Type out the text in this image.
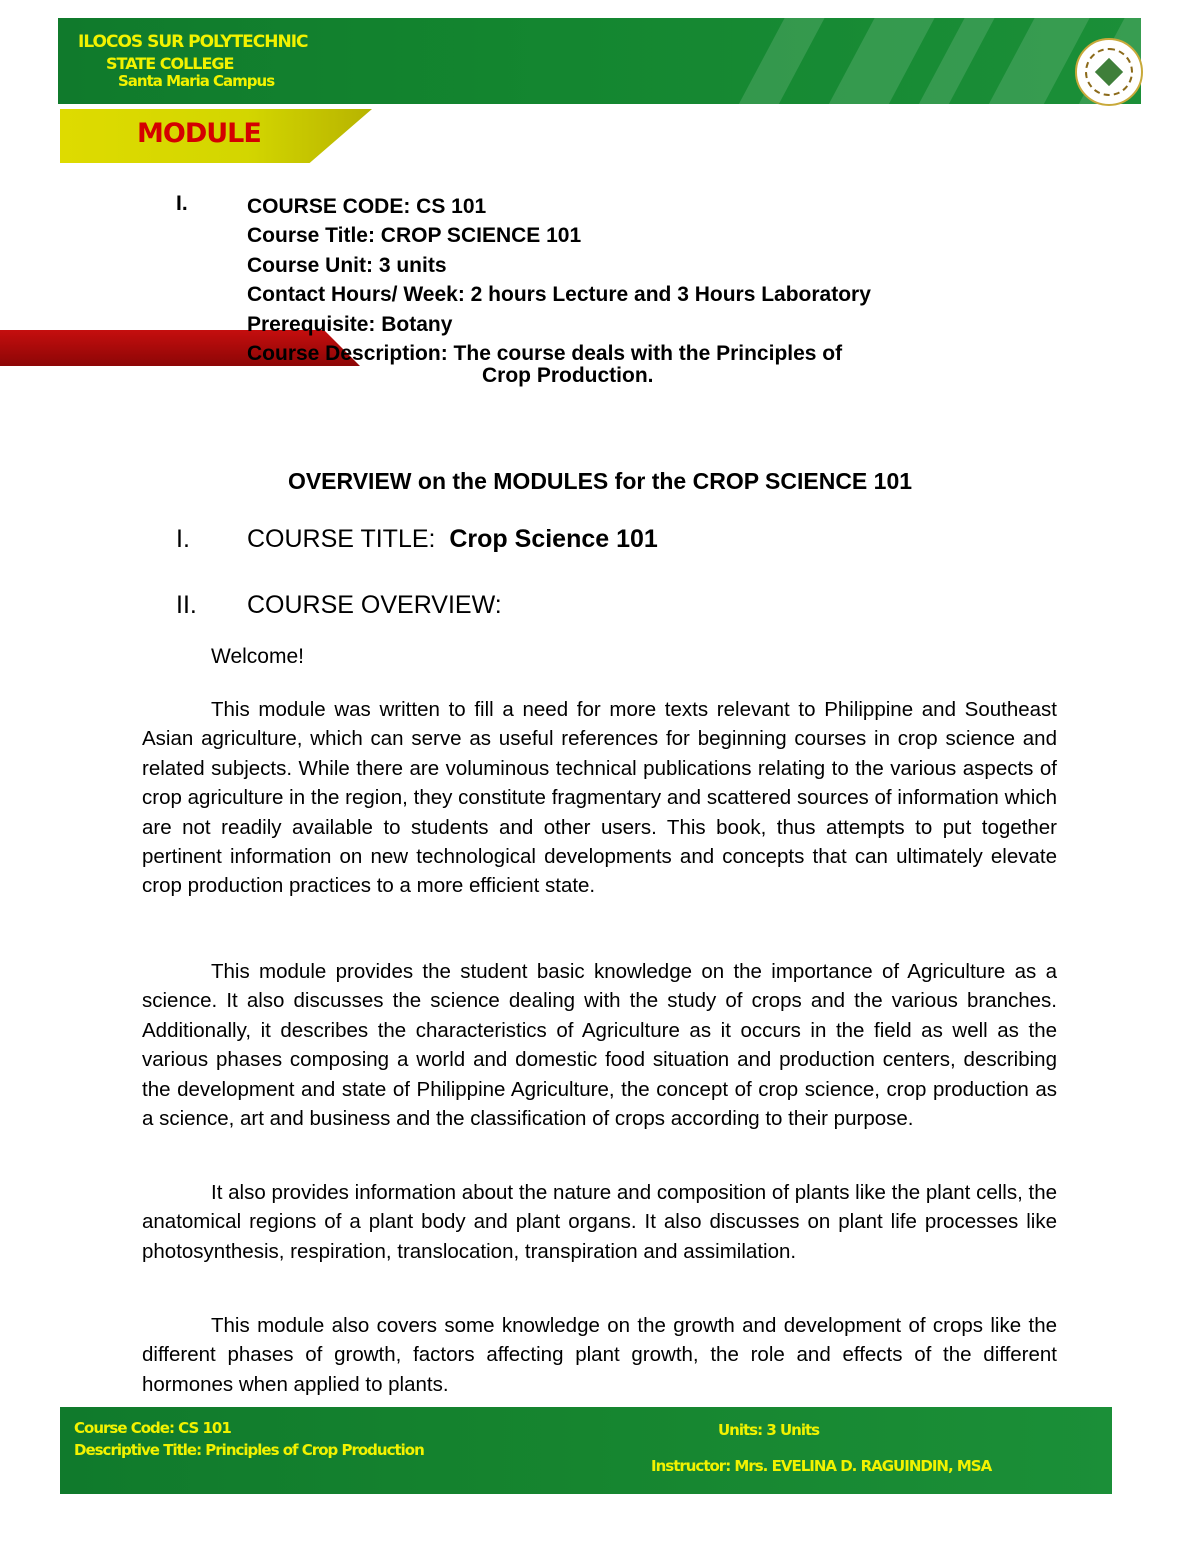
ILOCOS SUR POLYTECHNIC
STATE COLLEGE
Santa Maria Campus
MODULE
I.	COURSE CODE: CS 101
Course Title: CROP SCIENCE 101
Course Unit: 3 units
Contact Hours/ Week: 2 hours Lecture and 3 Hours Laboratory
Prerequisite: Botany
Course Description: The course deals with the Principles of
Crop Production.
OVERVIEW on the MODULES for the CROP SCIENCE 101
I. COURSE TITLE: Crop Science 101
II. COURSE OVERVIEW:
Welcome!
This module was written to fill a need for more texts relevant to Philippine and Southeast Asian agriculture, which can serve as useful references for beginning courses in crop science and related subjects. While there are voluminous technical publications relating to the various aspects of crop agriculture in the region, they constitute fragmentary and scattered sources of information which are not readily available to students and other users. This book, thus attempts to put together pertinent information on new technological developments and concepts that can ultimately elevate crop production practices to a more efficient state.
This module provides the student basic knowledge on the importance of Agriculture as a science. It also discusses the science dealing with the study of crops and the various branches. Additionally, it describes the characteristics of Agriculture as it occurs in the field as well as the various phases composing a world and domestic food situation and production centers, describing the development and state of Philippine Agriculture, the concept of crop science, crop production as a science, art and business and the classification of crops according to their purpose.
It also provides information about the nature and composition of plants like the plant cells, the anatomical regions of a plant body and plant organs. It also discusses on plant life processes like photosynthesis, respiration, translocation, transpiration and assimilation.
This module also covers some knowledge on the growth and development of crops like the different phases of growth, factors affecting plant growth, the role and effects of the different hormones when applied to plants.
Course Code: CS 101
Descriptive Title: Principles of Crop Production
Units: 3 Units
Instructor: Mrs. EVELINA D. RAGUINDIN, MSA
